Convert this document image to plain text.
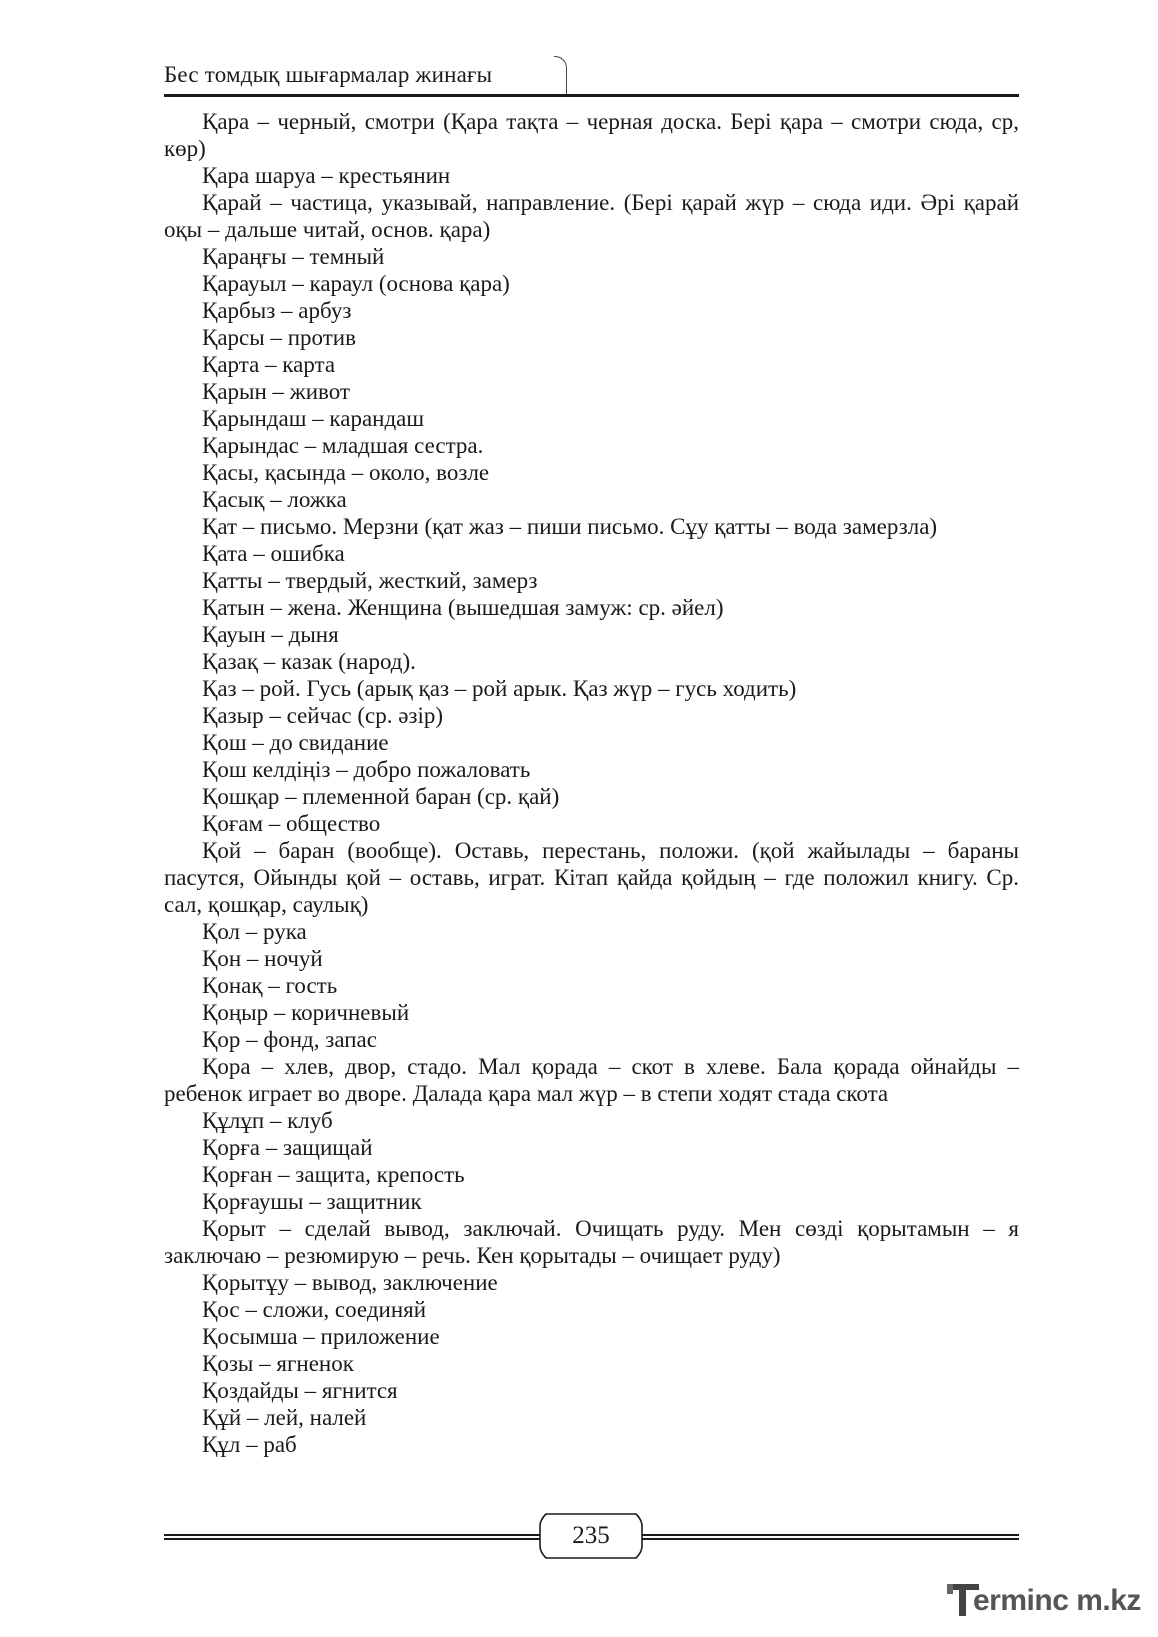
Бес томдық шығармалар жинағы

Қара – черный, смотри (Қара тақта – черная доска. Бері қара – смотри сюда, ср, көр)

Қара шаруа – крестьянин

Қарай – частица, указывай, направление. (Бері қарай жүр – сюда иди. Әрі қарай оқы – дальше читай, основ. қара)

Қараңғы – темный

Қарауыл – караул (основа қара)

Қарбыз – арбуз

Қарсы – против

Қарта – карта

Қарын – живот

Қарындаш – карандаш

Қарындас – младшая сестра.

Қасы, қасында – около, возле

Қасық – ложка

Қат – письмо. Мерзни (қат жаз – пиши письмо. Сұу қатты – вода замерзла)

Қата – ошибка

Қатты – твердый, жесткий, замерз

Қатын – жена. Женщина (вышедшая замуж: ср. әйел)

Қауын – дыня

Қазақ – казак (народ).

Қаз – рой. Гусь (арық қаз – рой арык. Қаз жүр – гусь ходить)

Қазыр – сейчас (ср. әзір)

Қош – до свидание

Қош келдіңіз – добро пожаловать

Қошқар – племенной баран (ср. қай)

Қоғам – общество

Қой – баран (вообще). Оставь, перестань, положи. (қой жайылады – бараны пасутся, Ойынды қой – оставь, играт. Кітап қайда қойдың – где положил книгу. Ср. сал, қошқар, саулық)

Қол – рука

Қон – ночуй

Қонақ – гость

Қоңыр – коричневый

Қор – фонд, запас

Қора – хлев, двор, стадо. Мал қорада – скот в хлеве. Бала қорада ойнайды – ребенок играет во дворе. Далада қара мал жүр – в степи ходят стада скота

Құлұп – клуб

Қорға – защищай

Қорған – защита, крепость

Қорғаушы – защитник

Қорыт – сделай вывод, заключай. Очищать руду. Мен сөзді қорытамын – я заключаю – резюмирую – речь. Кен қорытады – очищает руду)

Қорытұу – вывод, заключение

Қос – сложи, соединяй

Қосымша – приложение

Қозы – ягненок

Қоздайды – ягнится

Құй – лей, налей

Құл – раб

235
erminc m.kz
